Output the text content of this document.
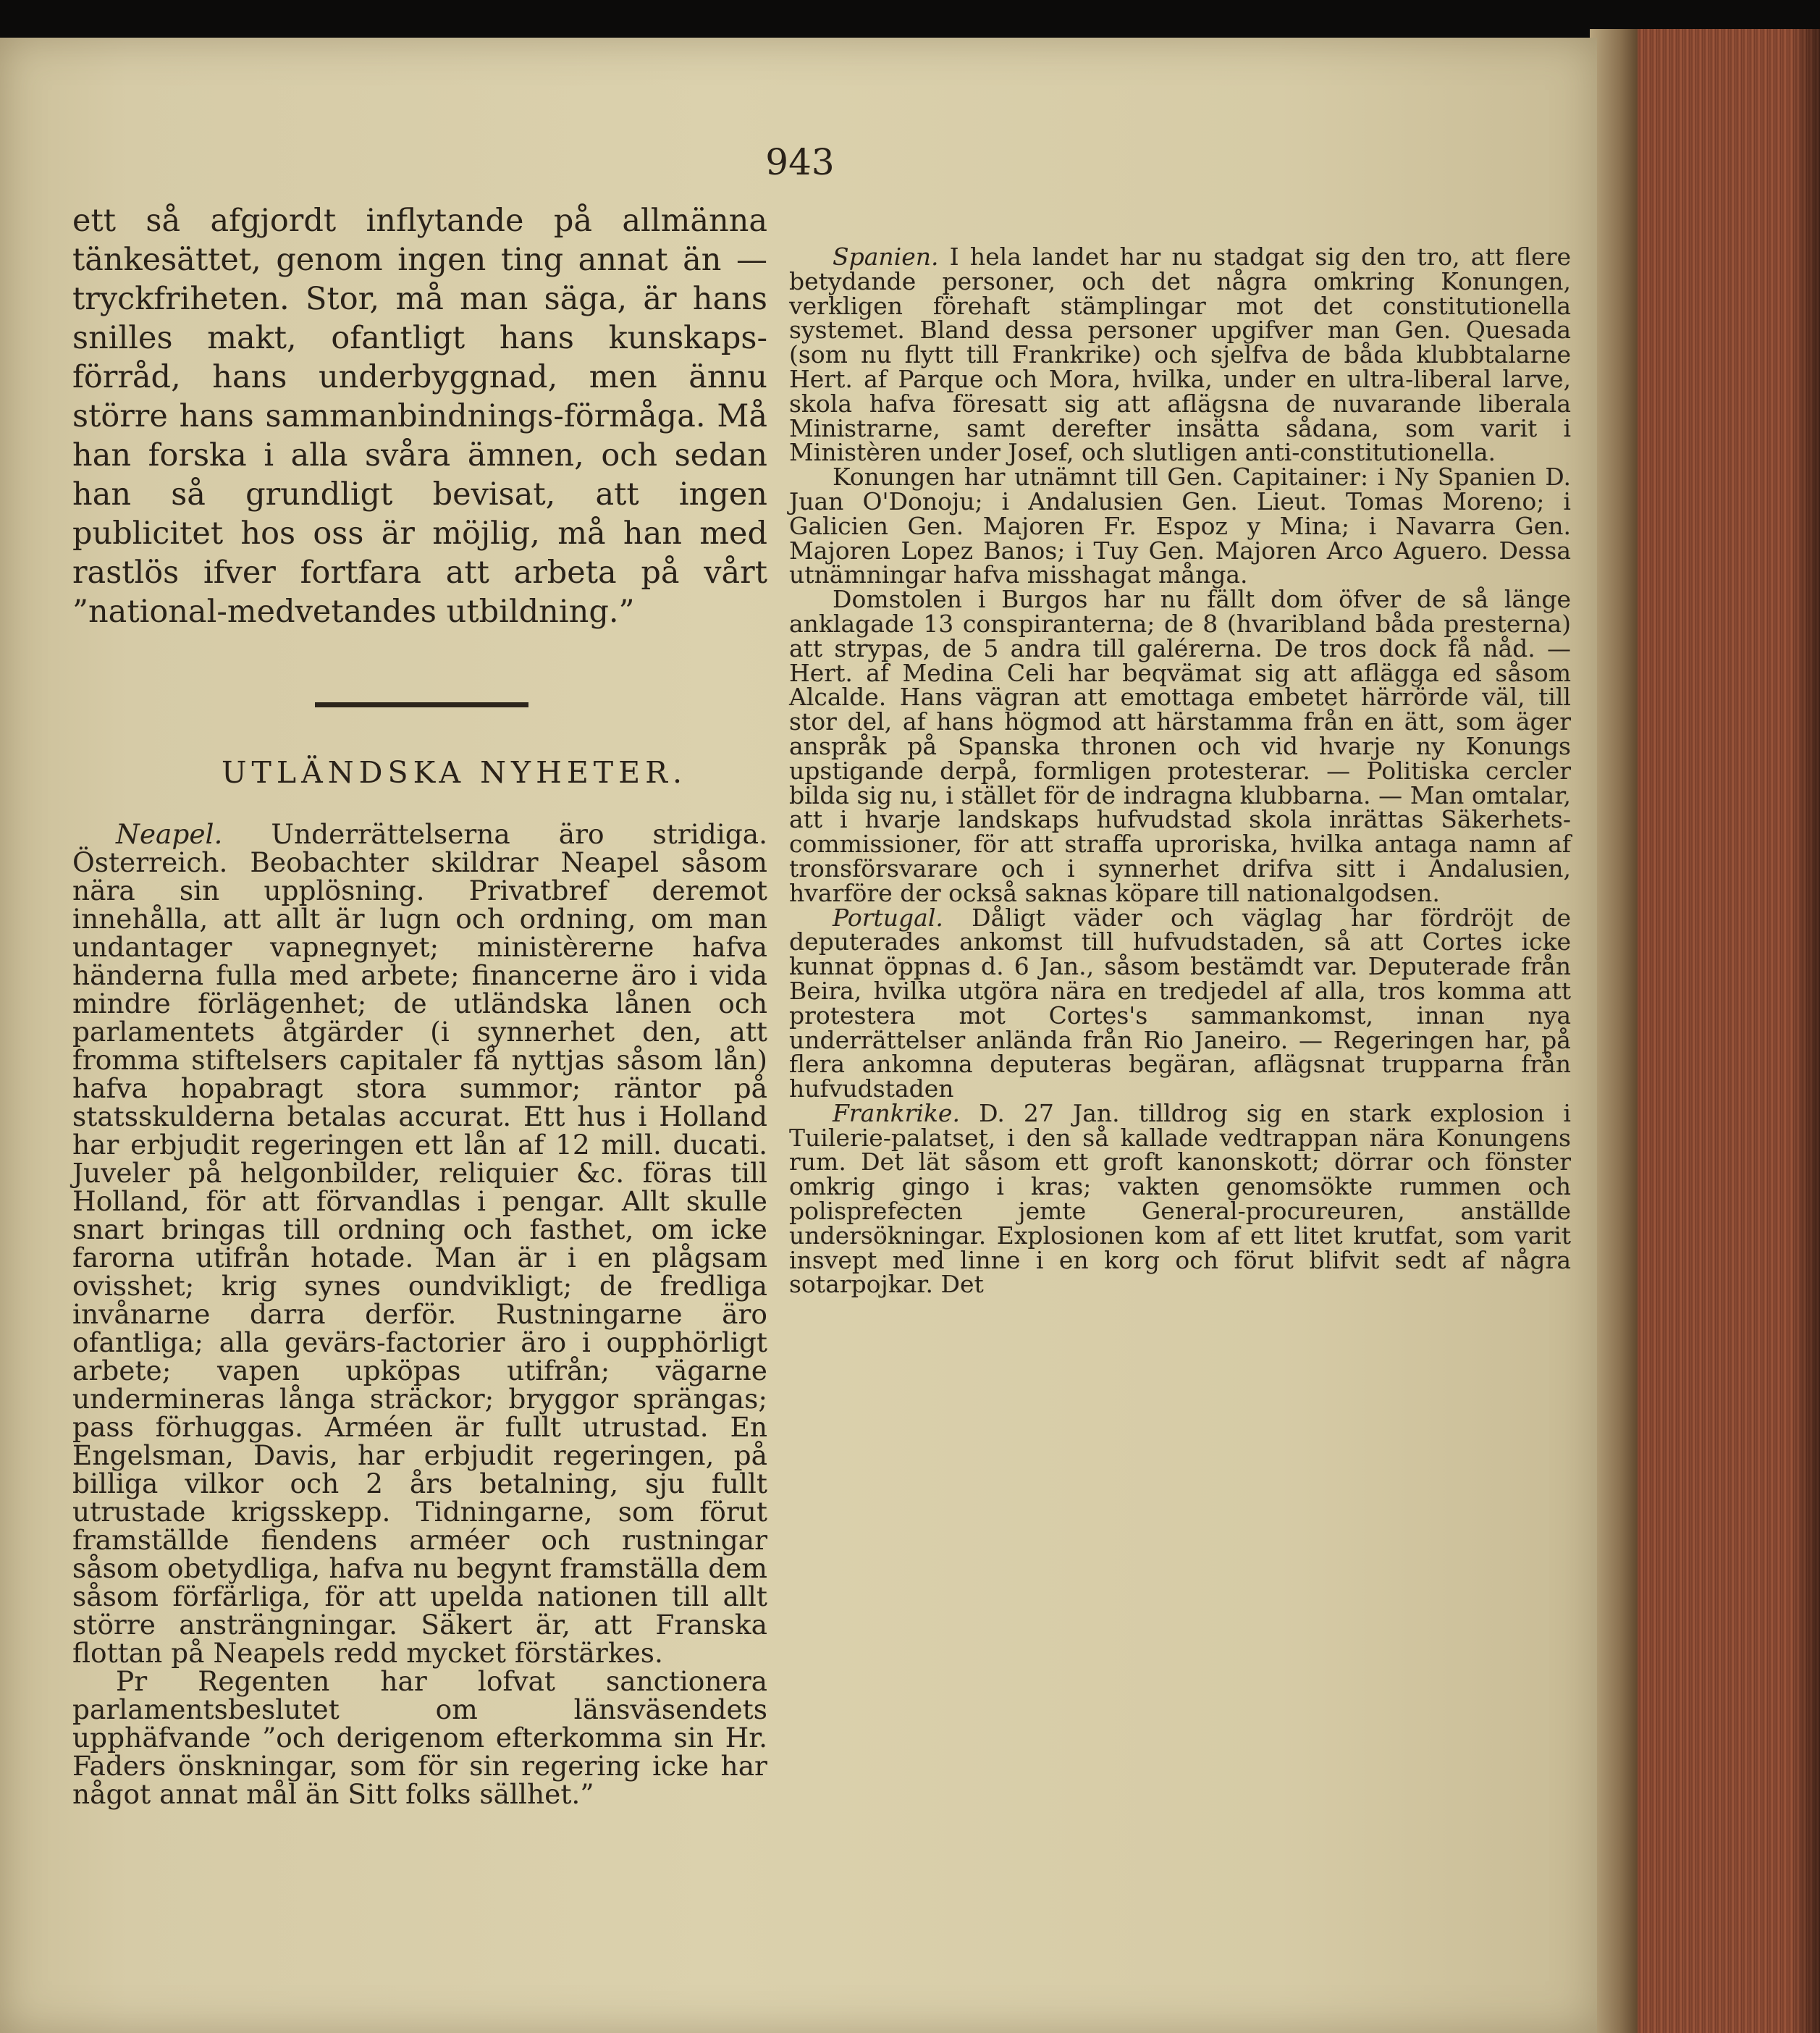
943

ett så afgjordt inflytande på allmänna tänkesättet, genom ingen ting annat än — tryckfriheten. Stor, må man säga, är hans snilles makt, ofantligt hans kunskaps-förråd, hans underbyggnad, men ännu större hans sammanbindnings-förmåga. Må han forska i alla svåra ämnen, och sedan han så grundligt bevisat, att ingen publicitet hos oss är möjlig, må han med rastlös ifver fortfara att arbeta på vårt ”national-medvetandes utbildning.”

UTLÄNDSKA NYHETER.

Neapel. Underrättelserna äro stridiga. Österreich. Beobachter skildrar Neapel såsom nära sin upplösning. Privatbref deremot innehålla, att allt är lugn och ordning, om man undantager vapnegnyet; ministèrerne hafva händerna fulla med arbete; financerne äro i vida mindre förlägenhet; de utländska lånen och parlamentets åtgärder (i synnerhet den, att fromma stiftelsers capitaler få nyttjas såsom lån) hafva hopabragt stora summor; räntor på statsskulderna betalas accurat. Ett hus i Holland har erbjudit regeringen ett lån af 12 mill. ducati. Juveler på helgonbilder, reliquier &c. föras till Holland, för att förvandlas i pengar. Allt skulle snart bringas till ordning och fasthet, om icke farorna utifrån hotade. Man är i en plågsam ovisshet; krig synes oundvikligt; de fredliga invånarne darra derför. Rustningarne äro ofantliga; alla gevärs-factorier äro i oupphörligt arbete; vapen upköpas utifrån; vägarne undermineras långa sträckor; bryggor sprängas; pass förhuggas. Arméen är fullt utrustad. En Engelsman, Davis, har erbjudit regeringen, på billiga vilkor och 2 års betalning, sju fullt utrustade krigsskepp. Tidningarne, som förut framställde fiendens arméer och rustningar såsom obetydliga, hafva nu begynt framställa dem såsom förfärliga, för att upelda nationen till allt större ansträngningar. Säkert är, att Franska flottan på Neapels redd mycket förstärkes.

Pr Regenten har lofvat sanctionera parlamentsbeslutet om länsväsendets upphäfvande ”och derigenom efterkomma sin Hr. Faders önskningar, som för sin regering icke har något annat mål än Sitt folks sällhet.”

Spanien. I hela landet har nu stadgat sig den tro, att flere betydande personer, och det några omkring Konungen, verkligen förehaft stämplingar mot det constitutionella systemet. Bland dessa personer upgifver man Gen. Quesada (som nu flytt till Frankrike) och sjelfva de båda klubbtalarne Hert. af Parque och Mora, hvilka, under en ultra-liberal larve, skola hafva föresatt sig att aflägsna de nuvarande liberala Ministrarne, samt derefter insätta sådana, som varit i Ministèren under Josef, och slutligen anti-constitutionella.

Konungen har utnämnt till Gen. Capitainer: i Ny Spanien D. Juan O'Donoju; i Andalusien Gen. Lieut. Tomas Moreno; i Galicien Gen. Majoren Fr. Espoz y Mina; i Navarra Gen. Majoren Lopez Banos; i Tuy Gen. Majoren Arco Aguero. Dessa utnämningar hafva misshagat många.

Domstolen i Burgos har nu fällt dom öfver de så länge anklagade 13 conspiranterna; de 8 (hvaribland båda presterna) att strypas, de 5 andra till galérerna. De tros dock få nåd. — Hert. af Medina Celi har beqvämat sig att aflägga ed såsom Alcalde. Hans vägran att emottaga embetet härrörde väl, till stor del, af hans högmod att härstamma från en ätt, som äger anspråk på Spanska thronen och vid hvarje ny Konungs upstigande derpå, formligen protesterar. — Politiska cercler bilda sig nu, i stället för de indragna klubbarna. — Man omtalar, att i hvarje landskaps hufvudstad skola inrättas Säkerhets-commissioner, för att straffa uproriska, hvilka antaga namn af tronsförsvarare och i synnerhet drifva sitt i Andalusien, hvarföre der också saknas köpare till nationalgodsen.

Portugal. Dåligt väder och väglag har fördröjt de deputerades ankomst till hufvudstaden, så att Cortes icke kunnat öppnas d. 6 Jan., såsom bestämdt var. Deputerade från Beira, hvilka utgöra nära en tredjedel af alla, tros komma att protestera mot Cortes's sammankomst, innan nya underrättelser anlända från Rio Janeiro. — Regeringen har, på flera ankomna deputeras begäran, aflägsnat trupparna från hufvudstaden

Frankrike. D. 27 Jan. tilldrog sig en stark explosion i Tuilerie-palatset, i den så kallade vedtrappan nära Konungens rum. Det lät såsom ett groft kanonskott; dörrar och fönster omkrig gingo i kras; vakten genomsökte rummen och polisprefecten jemte General-procureuren, anställde undersökningar. Explosionen kom af ett litet krutfat, som varit insvept med linne i en korg och förut blifvit sedt af några sotarpojkar. Det
